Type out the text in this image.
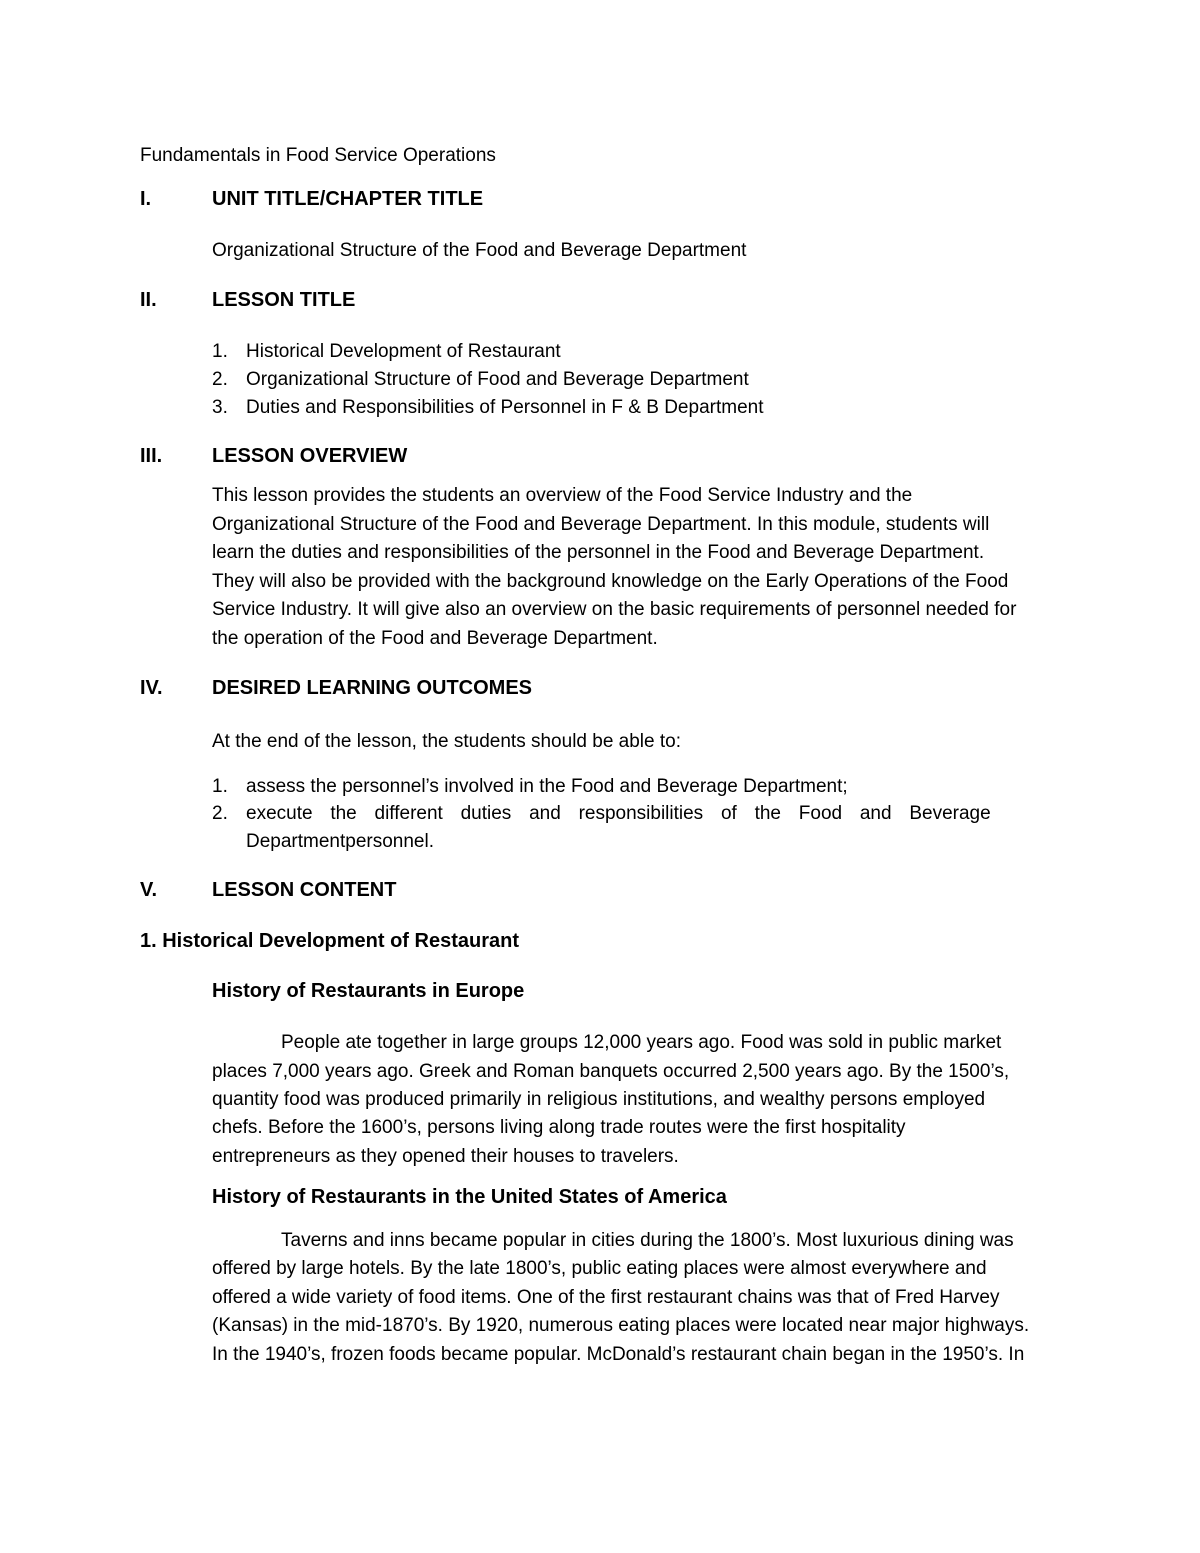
Fundamentals in Food Service Operations
I.	UNIT TITLE/CHAPTER TITLE
Organizational Structure of the Food and Beverage Department
II.	LESSON TITLE
1. Historical Development of Restaurant
2. Organizational Structure of Food and Beverage Department
3. Duties and Responsibilities of Personnel in F & B Department
III. LESSON OVERVIEW
This lesson provides the students an overview of the Food Service Industry and the
Organizational Structure of the Food and Beverage Department. In this module, students will
learn the duties and responsibilities of the personnel in the Food and Beverage Department.
They will also be provided with the background knowledge on the Early Operations of the Food
Service Industry. It will give also an overview on the basic requirements of personnel needed for
the operation of the Food and Beverage Department.
IV. DESIRED LEARNING OUTCOMES
At the end of the lesson, the students should be able to:
1. assess the personnel’s involved in the Food and Beverage Department;
2. execute the different duties and responsibilities of the Food and Beverage
Departmentpersonnel.
V.	LESSON CONTENT
1. Historical Development of Restaurant
History of Restaurants in Europe
People ate together in large groups 12,000 years ago. Food was sold in public market
places 7,000 years ago. Greek and Roman banquets occurred 2,500 years ago. By the 1500’s,
quantity food was produced primarily in religious institutions, and wealthy persons employed
chefs. Before the 1600’s, persons living along trade routes were the first hospitality
entrepreneurs as they opened their houses to travelers.
History of Restaurants in the United States of America
Taverns and inns became popular in cities during the 1800’s. Most luxurious dining was
offered by large hotels. By the late 1800’s, public eating places were almost everywhere and
offered a wide variety of food items. One of the first restaurant chains was that of Fred Harvey
(Kansas) in the mid-1870’s. By 1920, numerous eating places were located near major highways.
In the 1940’s, frozen foods became popular. McDonald’s restaurant chain began in the 1950’s. In
